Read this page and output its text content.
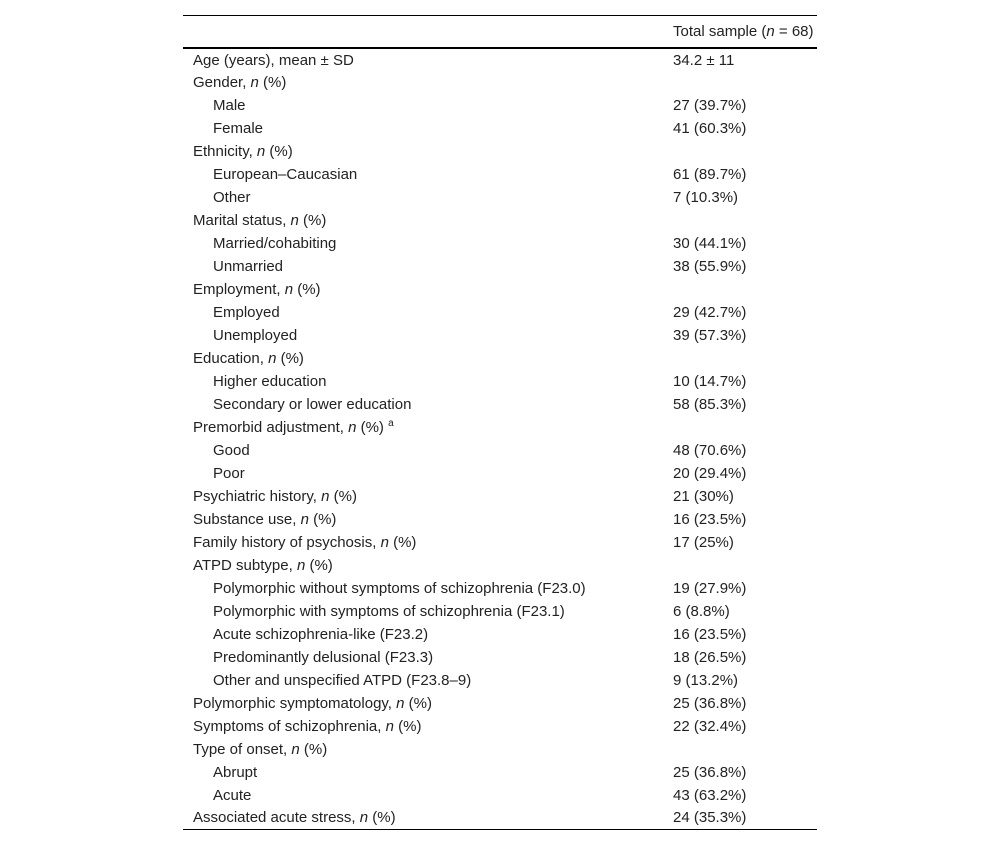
	Total sample (n = 68)
Age (years), mean ± SD	34.2 ± 11
Gender, n (%)	
Male	27 (39.7%)
Female	41 (60.3%)
Ethnicity, n (%)	
European–Caucasian	61 (89.7%)
Other	7 (10.3%)
Marital status, n (%)	
Married/cohabiting	30 (44.1%)
Unmarried	38 (55.9%)
Employment, n (%)	
Employed	29 (42.7%)
Unemployed	39 (57.3%)
Education, n (%)	
Higher education	10 (14.7%)
Secondary or lower education	58 (85.3%)
Premorbid adjustment, n (%) $^a$	
Good	48 (70.6%)
Poor	20 (29.4%)
Psychiatric history, n (%)	21 (30%)
Substance use, n (%)	16 (23.5%)
Family history of psychosis, n (%)	17 (25%)
ATPD subtype, n (%)	
Polymorphic without symptoms of schizophrenia (F23.0)	19 (27.9%)
Polymorphic with symptoms of schizophrenia (F23.1)	6 (8.8%)
Acute schizophrenia-like (F23.2)	16 (23.5%)
Predominantly delusional (F23.3)	18 (26.5%)
Other and unspecified ATPD (F23.8–9)	9 (13.2%)
Polymorphic symptomatology, n (%)	25 (36.8%)
Symptoms of schizophrenia, n (%)	22 (32.4%)
Type of onset, n (%)	
Abrupt	25 (36.8%)
Acute	43 (63.2%)
Associated acute stress, n (%)	24 (35.3%)
